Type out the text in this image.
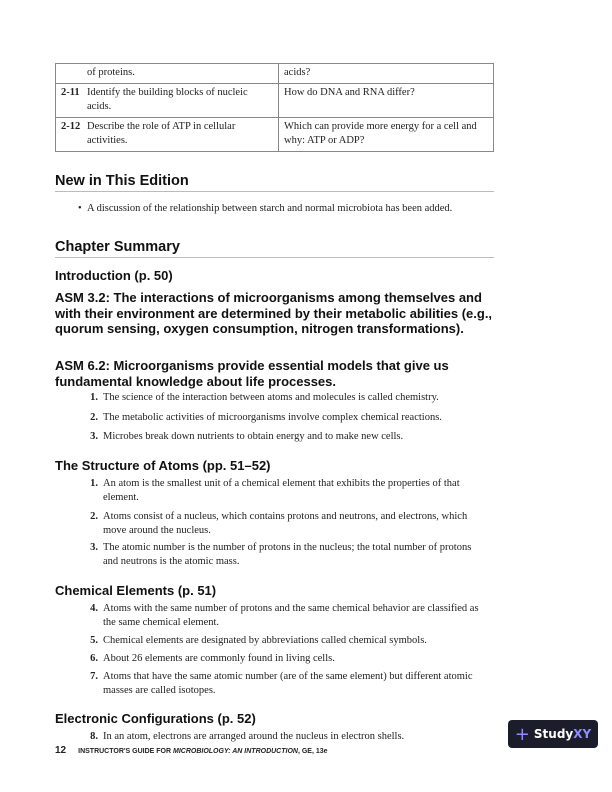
of proteins.	acids?
2-11 Identify the building blocks of nucleic acids.	How do DNA and RNA differ?
2-12 Describe the role of ATP in cellular activities.	Which can provide more energy for a cell and why: ATP or ADP?
New in This Edition
•  A discussion of the relationship between starch and normal microbiota has been added.
Chapter Summary
Introduction (p. 50)
ASM 3.2: The interactions of microorganisms among themselves and with their environment are determined by their metabolic abilities (e.g., quorum sensing, oxygen consumption, nitrogen transformations).
ASM 6.2: Microorganisms provide essential models that give us fundamental knowledge about life processes.
1. The science of the interaction between atoms and molecules is called chemistry.
2. The metabolic activities of microorganisms involve complex chemical reactions.
3. Microbes break down nutrients to obtain energy and to make new cells.
The Structure of Atoms (pp. 51–52)
1. An atom is the smallest unit of a chemical element that exhibits the properties of that element.
2. Atoms consist of a nucleus, which contains protons and neutrons, and electrons, which move around the nucleus.
3. The atomic number is the number of protons in the nucleus; the total number of protons and neutrons is the atomic mass.
Chemical Elements (p. 51)
4. Atoms with the same number of protons and the same chemical behavior are classified as the same chemical element.
5. Chemical elements are designated by abbreviations called chemical symbols.
6. About 26 elements are commonly found in living cells.
7. Atoms that have the same atomic number (are of the same element) but different atomic masses are called isotopes.
Electronic Configurations (p. 52)
8. In an atom, electrons are arranged around the nucleus in electron shells.
12 INSTRUCTOR'S GUIDE FOR MICROBIOLOGY: AN INTRODUCTION, GE, 13e
+ StudyXY
